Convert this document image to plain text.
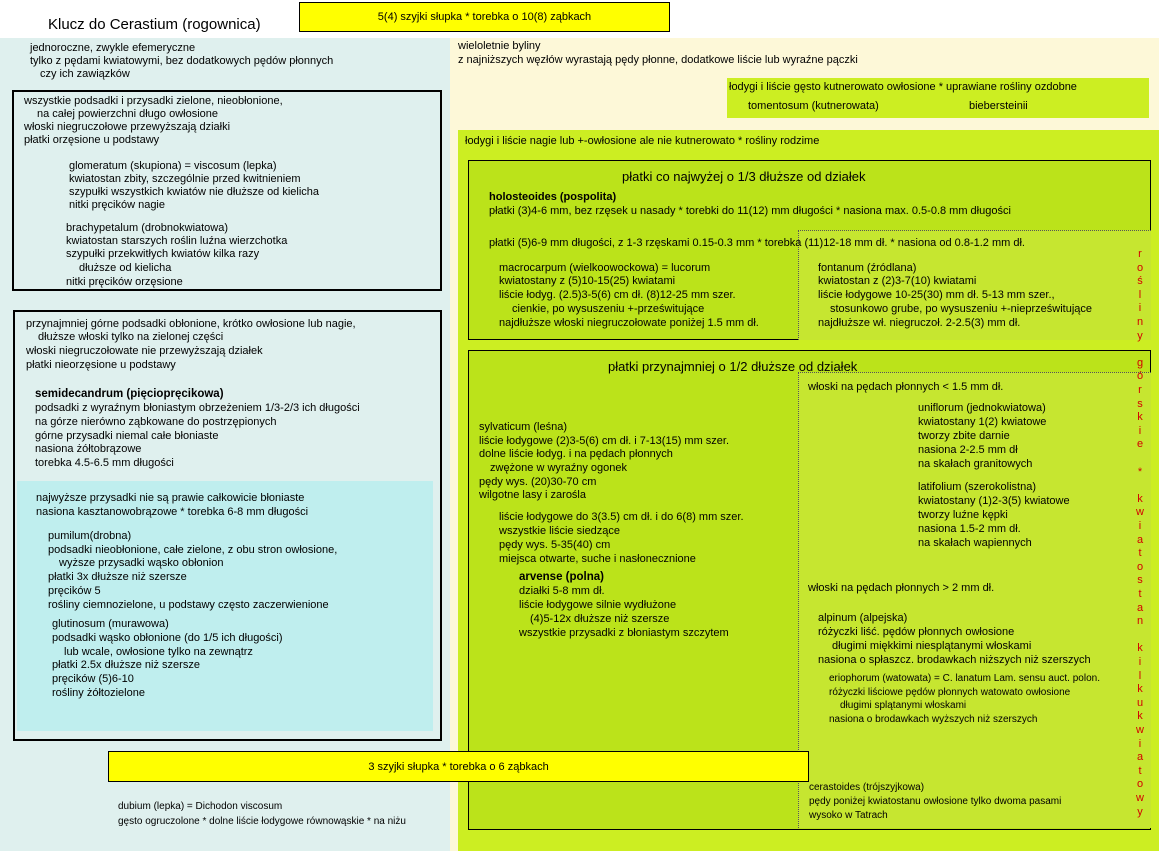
Klucz do Cerastium (rogownica)	5(4) szyjki słupka * torebka o 10(8) ząbkach
jednoroczne, zwykle efemeryczne
tylko z pędami kwiatowymi, bez dodatkowych pędów płonnych
czy ich zawiązków
wszystkie podsadki i przysadki zielone, nieobłonione,
na całej powierzchni długo owłosione
włoski niegruczołowe przewyższają działki
płatki orzęsione u podstawy
glomeratum (skupiona) = viscosum (lepka)
kwiatostan zbity, szczególnie przed kwitnieniem
szypułki wszystkich kwiatów nie dłuższe od kielicha
nitki pręcików nagie
brachypetalum (drobnokwiatowa)
kwiatostan starszych roślin luźna wierzchotka
szypułki przekwitłych kwiatów kilka razy
dłuższe od kielicha
nitki pręcików orzęsione
przynajmniej górne podsadki obłonione, krótko owłosione lub nagie,
dłuższe włoski tylko na zielonej części
włoski niegruczołowate nie przewyższają działek
płatki nieorzęsione u podstawy
semidecandrum (pięciopręcikowa)
podsadki z wyraźnym błoniastym obrzeżeniem 1/3-2/3 ich długości
na górze nierówno ząbkowane do postrzępionych
górne przysadki niemal całe błoniaste
nasiona żółtobrązowe
torebka 4.5-6.5 mm długości
najwyższe przysadki nie są prawie całkowicie błoniaste
nasiona kasztanowobrązowe * torebka 6-8 mm długości
pumilum(drobna)
podsadki nieobłonione, całe zielone, z obu stron owłosione,
wyższe przysadki wąsko obłonion
płatki 3x dłuższe niż szersze
pręcików 5
rośliny ciemnozielone, u podstawy często zaczerwienione
glutinosum (murawowa)
podsadki wąsko obłonione (do 1/5 ich długości)
lub wcale, owłosione tylko na zewnątrz
płatki 2.5x dłuższe niż szersze
pręcików (5)6-10
rośliny żółtozielone
dubium (lepka) = Dichodon viscosum
gęsto ogruczolone * dolne liście łodygowe równowąskie * na niżu
wieloletnie byliny
z najniższych węzłów wyrastają pędy płonne, dodatkowe liście lub wyraźne pączki
łodygi i liście gęsto kutnerowato owłosione * uprawiane rośliny ozdobne
tomentosum (kutnerowata)	biebersteinii
łodygi i liście nagie lub +-owłosione ale nie kutnerowato * rośliny rodzime
płatki co najwyżej o 1/3 dłuższe od działek
holosteoides (pospolita)
płatki (3)4-6 mm, bez rzęsek u nasady * torebki do 11(12) mm długości * nasiona max. 0.5-0.8 mm długości
płatki (5)6-9 mm długości, z 1-3 rzęskami 0.15-0.3 mm * torebka (11)12-18 mm dł. * nasiona od 0.8-1.2 mm dł.
macrocarpum (wielkoowockowa) = lucorum
kwiatostany z (5)10-15(25) kwiatami
liście łodyg. (2.5)3-5(6) cm dł. (8)12-25 mm szer.
cienkie, po wysuszeniu +-prześwitujące
najdłuższe włoski niegruczołowate poniżej 1.5 mm dł.
fontanum (źródlana)
kwiatostan z (2)3-7(10) kwiatami
liście łodygowe 10-25(30) mm dł. 5-13 mm szer.,
stosunkowo grube, po wysuszeniu +-nieprześwitujące
najdłuższe wł. niegruczoł. 2-2.5(3) mm dł.
płatki przynajmniej o 1/2 dłuższe od działek
sylvaticum (leśna)
liście łodygowe (2)3-5(6) cm dł. i 7-13(15) mm szer.
dolne liście łodyg. i na pędach płonnych
zwężone w wyraźny ogonek
pędy wys. (20)30-70 cm
wilgotne lasy i zarośla
liście łodygowe do 3(3.5) cm dł. i do 6(8) mm szer.
wszystkie liście siedzące
pędy wys. 5-35(40) cm
miejsca otwarte, suche i nasłonecznione
arvense (polna)
działki 5-8 mm dł.
liście łodygowe silnie wydłużone
(4)5-12x dłuższe niż szersze
wszystkie przysadki z błoniastym szczytem
włoski na pędach płonnych < 1.5 mm dł.
uniflorum (jednokwiatowa)
kwiatostany 1(2) kwiatowe
tworzy zbite darnie
nasiona 2-2.5 mm dł
na skałach granitowych
latifolium (szerokolistna)
kwiatostany (1)2-3(5) kwiatowe
tworzy luźne kępki
nasiona 1.5-2 mm dł.
na skałach wapiennych
włoski na pędach płonnych > 2 mm dł.
alpinum (alpejska)
różyczki liść. pędów płonnych owłosione
długimi miękkimi niesplątanymi włoskami
nasiona o spłaszcz. brodawkach niższych niż szerszych
eriophorum (watowata) = C. lanatum Lam. sensu auct. polon.
różyczki liściowe pędów płonnych watowato owłosione
długimi splątanymi włoskami
nasiona o brodawkach wyższych niż szerszych
cerastoides (trójszyjkowa)
pędy poniżej kwiatostanu owłosione tylko dwoma pasami
wysoko w Tatrach
r
o
ś
l
i
n
y
g
ó
r
s
k
i
e
*
k
w
i
a
t
o
s
t
a
n
k
i
l
k
u
k
w
i
a
t
o
w
y
3 szyjki słupka * torebka o 6 ząbkach
